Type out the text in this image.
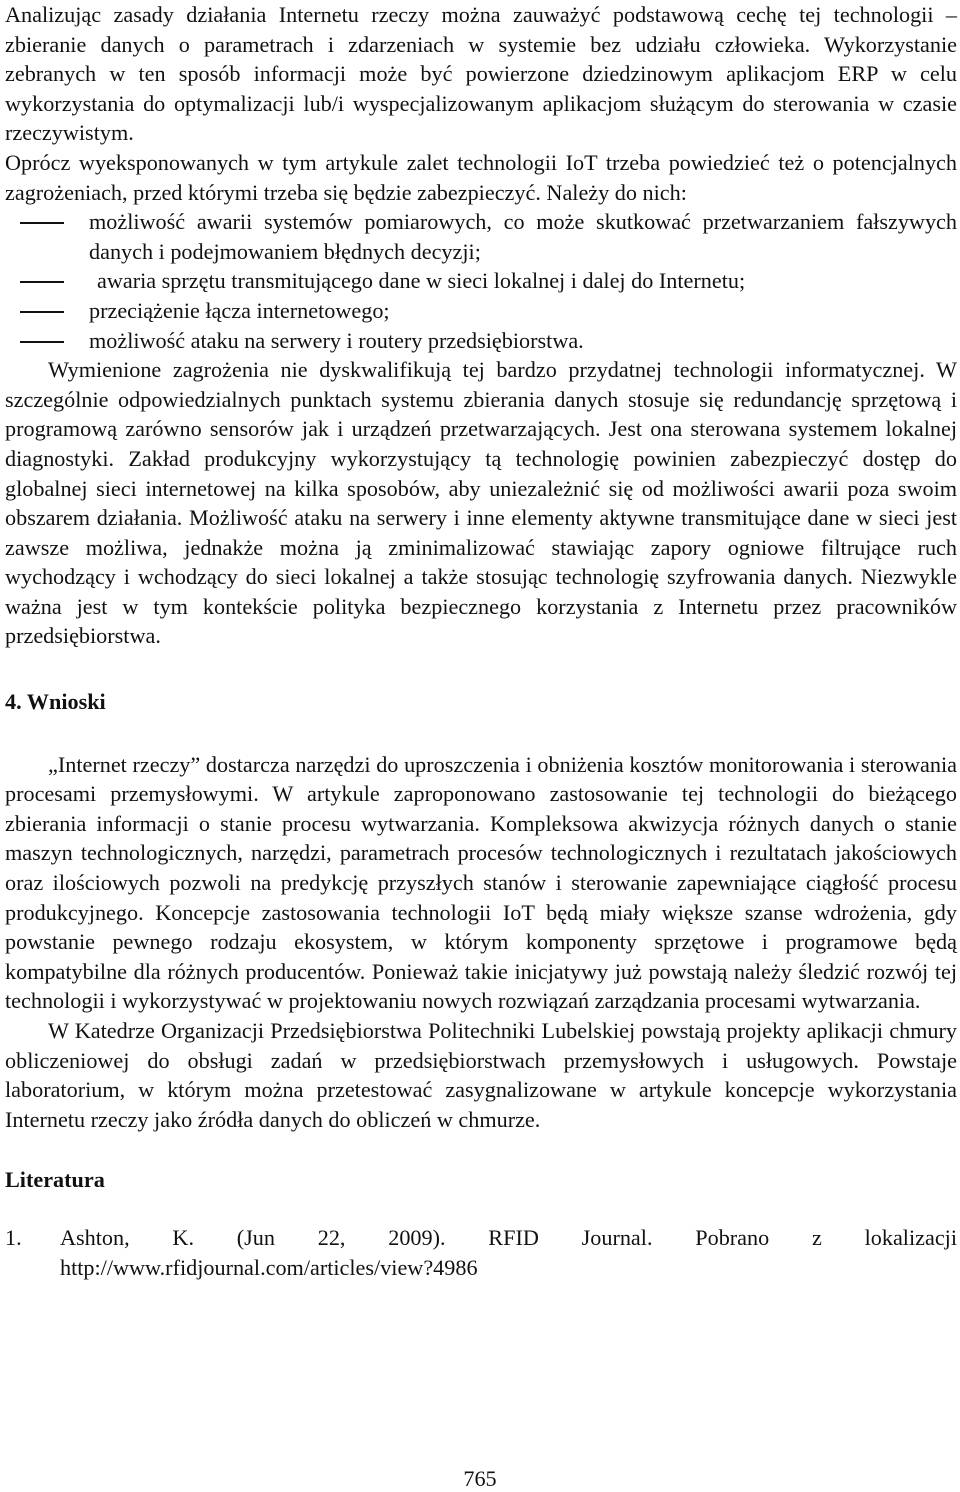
Analizując zasady działania Internetu rzeczy można zauważyć podstawową cechę tej technologii – zbieranie danych o parametrach i zdarzeniach w systemie bez udziału człowieka. Wykorzystanie zebranych w ten sposób informacji może być powierzone dziedzinowym aplikacjom ERP w celu wykorzystania do optymalizacji lub/i wyspecjalizowanym aplikacjom służącym do sterowania w czasie rzeczywistym.

Oprócz wyeksponowanych w tym artykule zalet technologii IoT trzeba powiedzieć też o potencjalnych zagrożeniach, przed którymi trzeba się będzie zabezpieczyć. Należy do nich:

możliwość awarii systemów pomiarowych, co może skutkować przetwarzaniem fałszywych danych i podejmowaniem błędnych decyzji;
awaria sprzętu transmitującego dane w sieci lokalnej i dalej do Internetu;
przeciążenie łącza internetowego;
możliwość ataku na serwery i routery przedsiębiorstwa.

Wymienione zagrożenia nie dyskwalifikują tej bardzo przydatnej technologii informatycznej. W szczególnie odpowiedzialnych punktach systemu zbierania danych stosuje się redundancję sprzętową i programową zarówno sensorów jak i urządzeń przetwarzających. Jest ona sterowana systemem lokalnej diagnostyki. Zakład produkcyjny wykorzystujący tą technologię powinien zabezpieczyć dostęp do globalnej sieci internetowej na kilka sposobów, aby uniezależnić się od możliwości awarii poza swoim obszarem działania. Możliwość ataku na serwery i inne elementy aktywne transmitujące dane w sieci jest zawsze możliwa, jednakże można ją zminimalizować stawiając zapory ogniowe filtrujące ruch wychodzący i wchodzący do sieci lokalnej a także stosując technologię szyfrowania danych. Niezwykle ważna jest w tym kontekście polityka bezpiecznego korzystania z Internetu przez pracowników przedsiębiorstwa.

4. Wnioski

„Internet rzeczy” dostarcza narzędzi do uproszczenia i obniżenia kosztów monitorowania i sterowania procesami przemysłowymi. W artykule zaproponowano zastosowanie tej technologii do bieżącego zbierania informacji o stanie procesu wytwarzania. Kompleksowa akwizycja różnych danych o stanie maszyn technologicznych, narzędzi, parametrach procesów technologicznych i rezultatach jakościowych oraz ilościowych pozwoli na predykcję przyszłych stanów i sterowanie zapewniające ciągłość procesu produkcyjnego. Koncepcje zastosowania technologii IoT będą miały większe szanse wdrożenia, gdy powstanie pewnego rodzaju ekosystem, w którym komponenty sprzętowe i programowe będą kompatybilne dla różnych producentów. Ponieważ takie inicjatywy już powstają należy śledzić rozwój tej technologii i wykorzystywać w projektowaniu nowych rozwiązań zarządzania procesami wytwarzania.

W Katedrze Organizacji Przedsiębiorstwa Politechniki Lubelskiej powstają projekty aplikacji chmury obliczeniowej do obsługi zadań w przedsiębiorstwach przemysłowych i usługowych. Powstaje laboratorium, w którym można przetestować zasygnalizowane w artykule koncepcje wykorzystania Internetu rzeczy jako źródła danych do obliczeń w chmurze.

Literatura
1. Ashton, K. (Jun 22, 2009). RFID Journal. Pobrano z lokalizacji http://www.rfidjournal.com/articles/view?4986
765
